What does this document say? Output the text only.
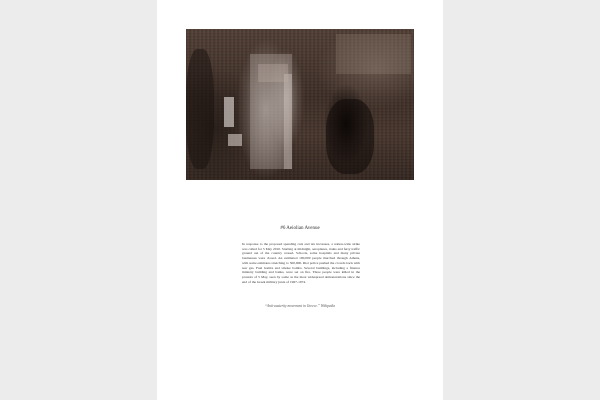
#6 Aeiolian Avenue

In response to the proposed spending cuts and tax increases, a nation-wide strike was called for 5 May 2010. Starting at midnight, aeroplanes, trains and ferry traffic ground out of the country ceased. Schools, some hospitals and many private businesses were closed. An estimated 100,000 people marched through Athens, with some estimates stretching to 500,000. Riot police pushed the crowds back with tear gas. Fuel bombs and smoke bombs. Several buildings, including a finance ministry building and banks, were set on fire. Three people were killed in the protests of 5 May, seen by some as the most widespread demonstrations since the end of the Greek military junta of 1967-1974.

“Anti-austerity movement in Greece.” Wikipedia
